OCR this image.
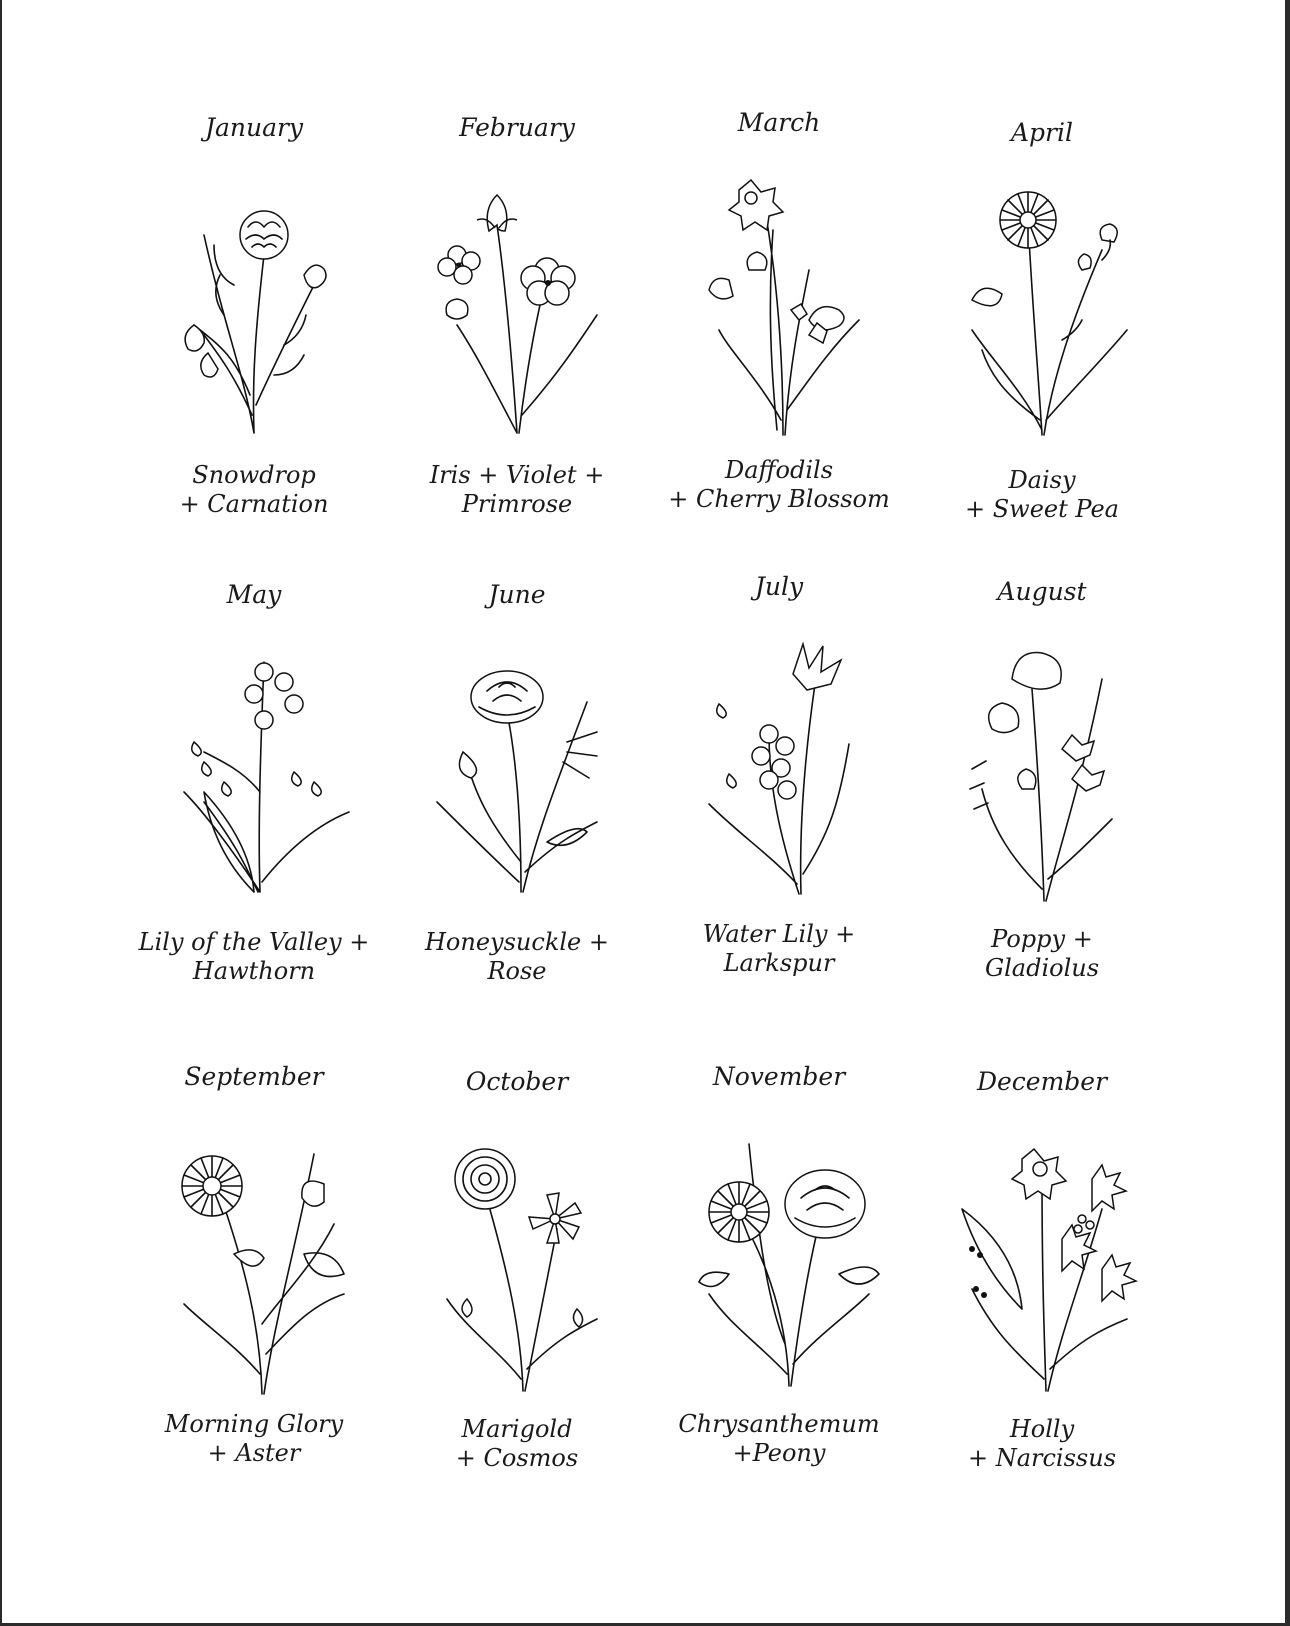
January
Snowdrop
+ Carnation
February
Iris + Violet +
Primrose
March
Daffodils
+ Cherry Blossom
April
Daisy
+ Sweet Pea
May
Lily of the Valley +
Hawthorn
June
Honeysuckle +
Rose
July
Water Lily +
Larkspur
August
Poppy +
Gladiolus
September
Morning Glory
+ Aster
October
Marigold
+ Cosmos
November
Chrysanthemum
+Peony
December
Holly
+ Narcissus
